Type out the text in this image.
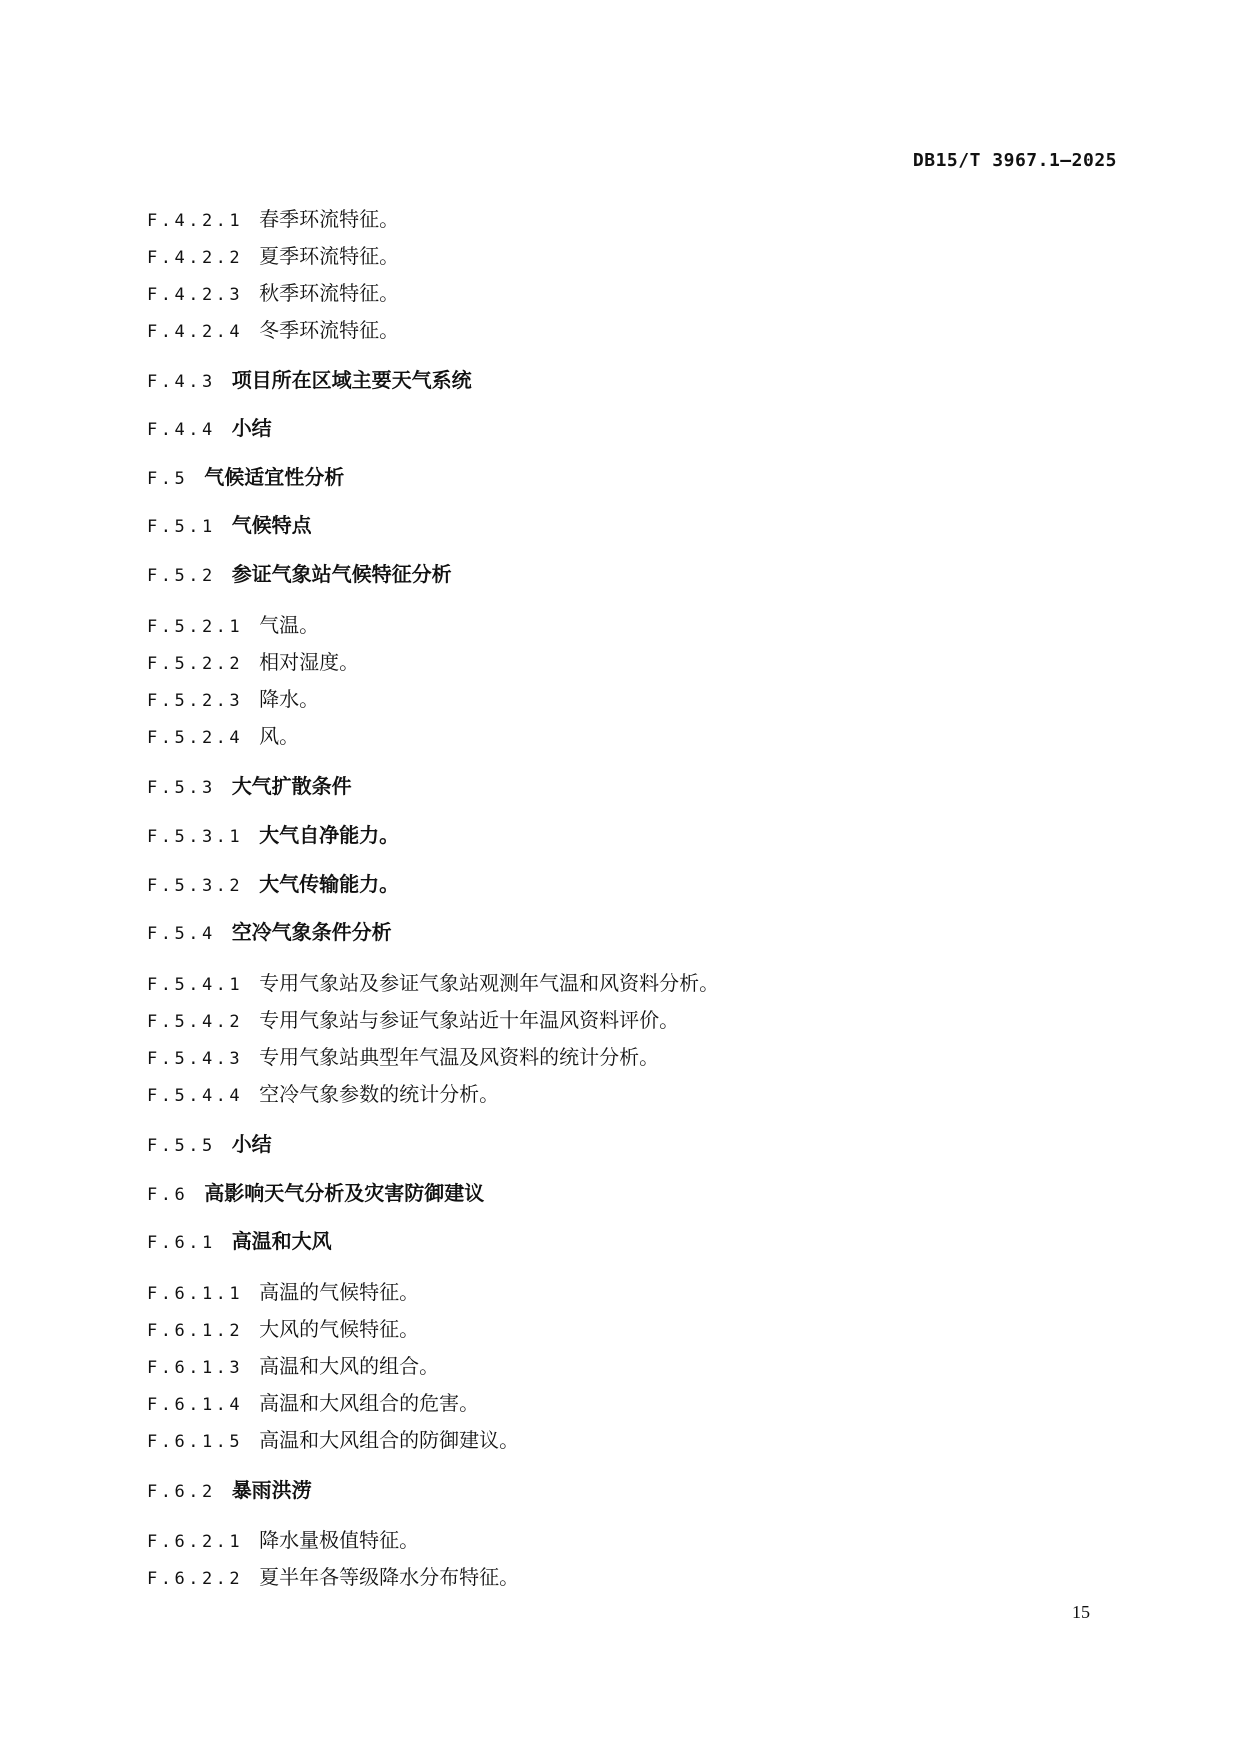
DB15/T 3967.1—2025
F.4.2.1 春季环流特征。
F.4.2.2 夏季环流特征。
F.4.2.3 秋季环流特征。
F.4.2.4 冬季环流特征。
F.4.3 项目所在区域主要天气系统
F.4.4 小结
F.5 气候适宜性分析
F.5.1 气候特点
F.5.2 参证气象站气候特征分析
F.5.2.1 气温。
F.5.2.2 相对湿度。
F.5.2.3 降水。
F.5.2.4 风。
F.5.3 大气扩散条件
F.5.3.1 大气自净能力。
F.5.3.2 大气传输能力。
F.5.4 空冷气象条件分析
F.5.4.1 专用气象站及参证气象站观测年气温和风资料分析。
F.5.4.2 专用气象站与参证气象站近十年温风资料评价。
F.5.4.3 专用气象站典型年气温及风资料的统计分析。
F.5.4.4 空冷气象参数的统计分析。
F.5.5 小结
F.6 高影响天气分析及灾害防御建议
F.6.1 高温和大风
F.6.1.1 高温的气候特征。
F.6.1.2 大风的气候特征。
F.6.1.3 高温和大风的组合。
F.6.1.4 高温和大风组合的危害。
F.6.1.5 高温和大风组合的防御建议。
F.6.2 暴雨洪涝
F.6.2.1 降水量极值特征。
F.6.2.2 夏半年各等级降水分布特征。
15
